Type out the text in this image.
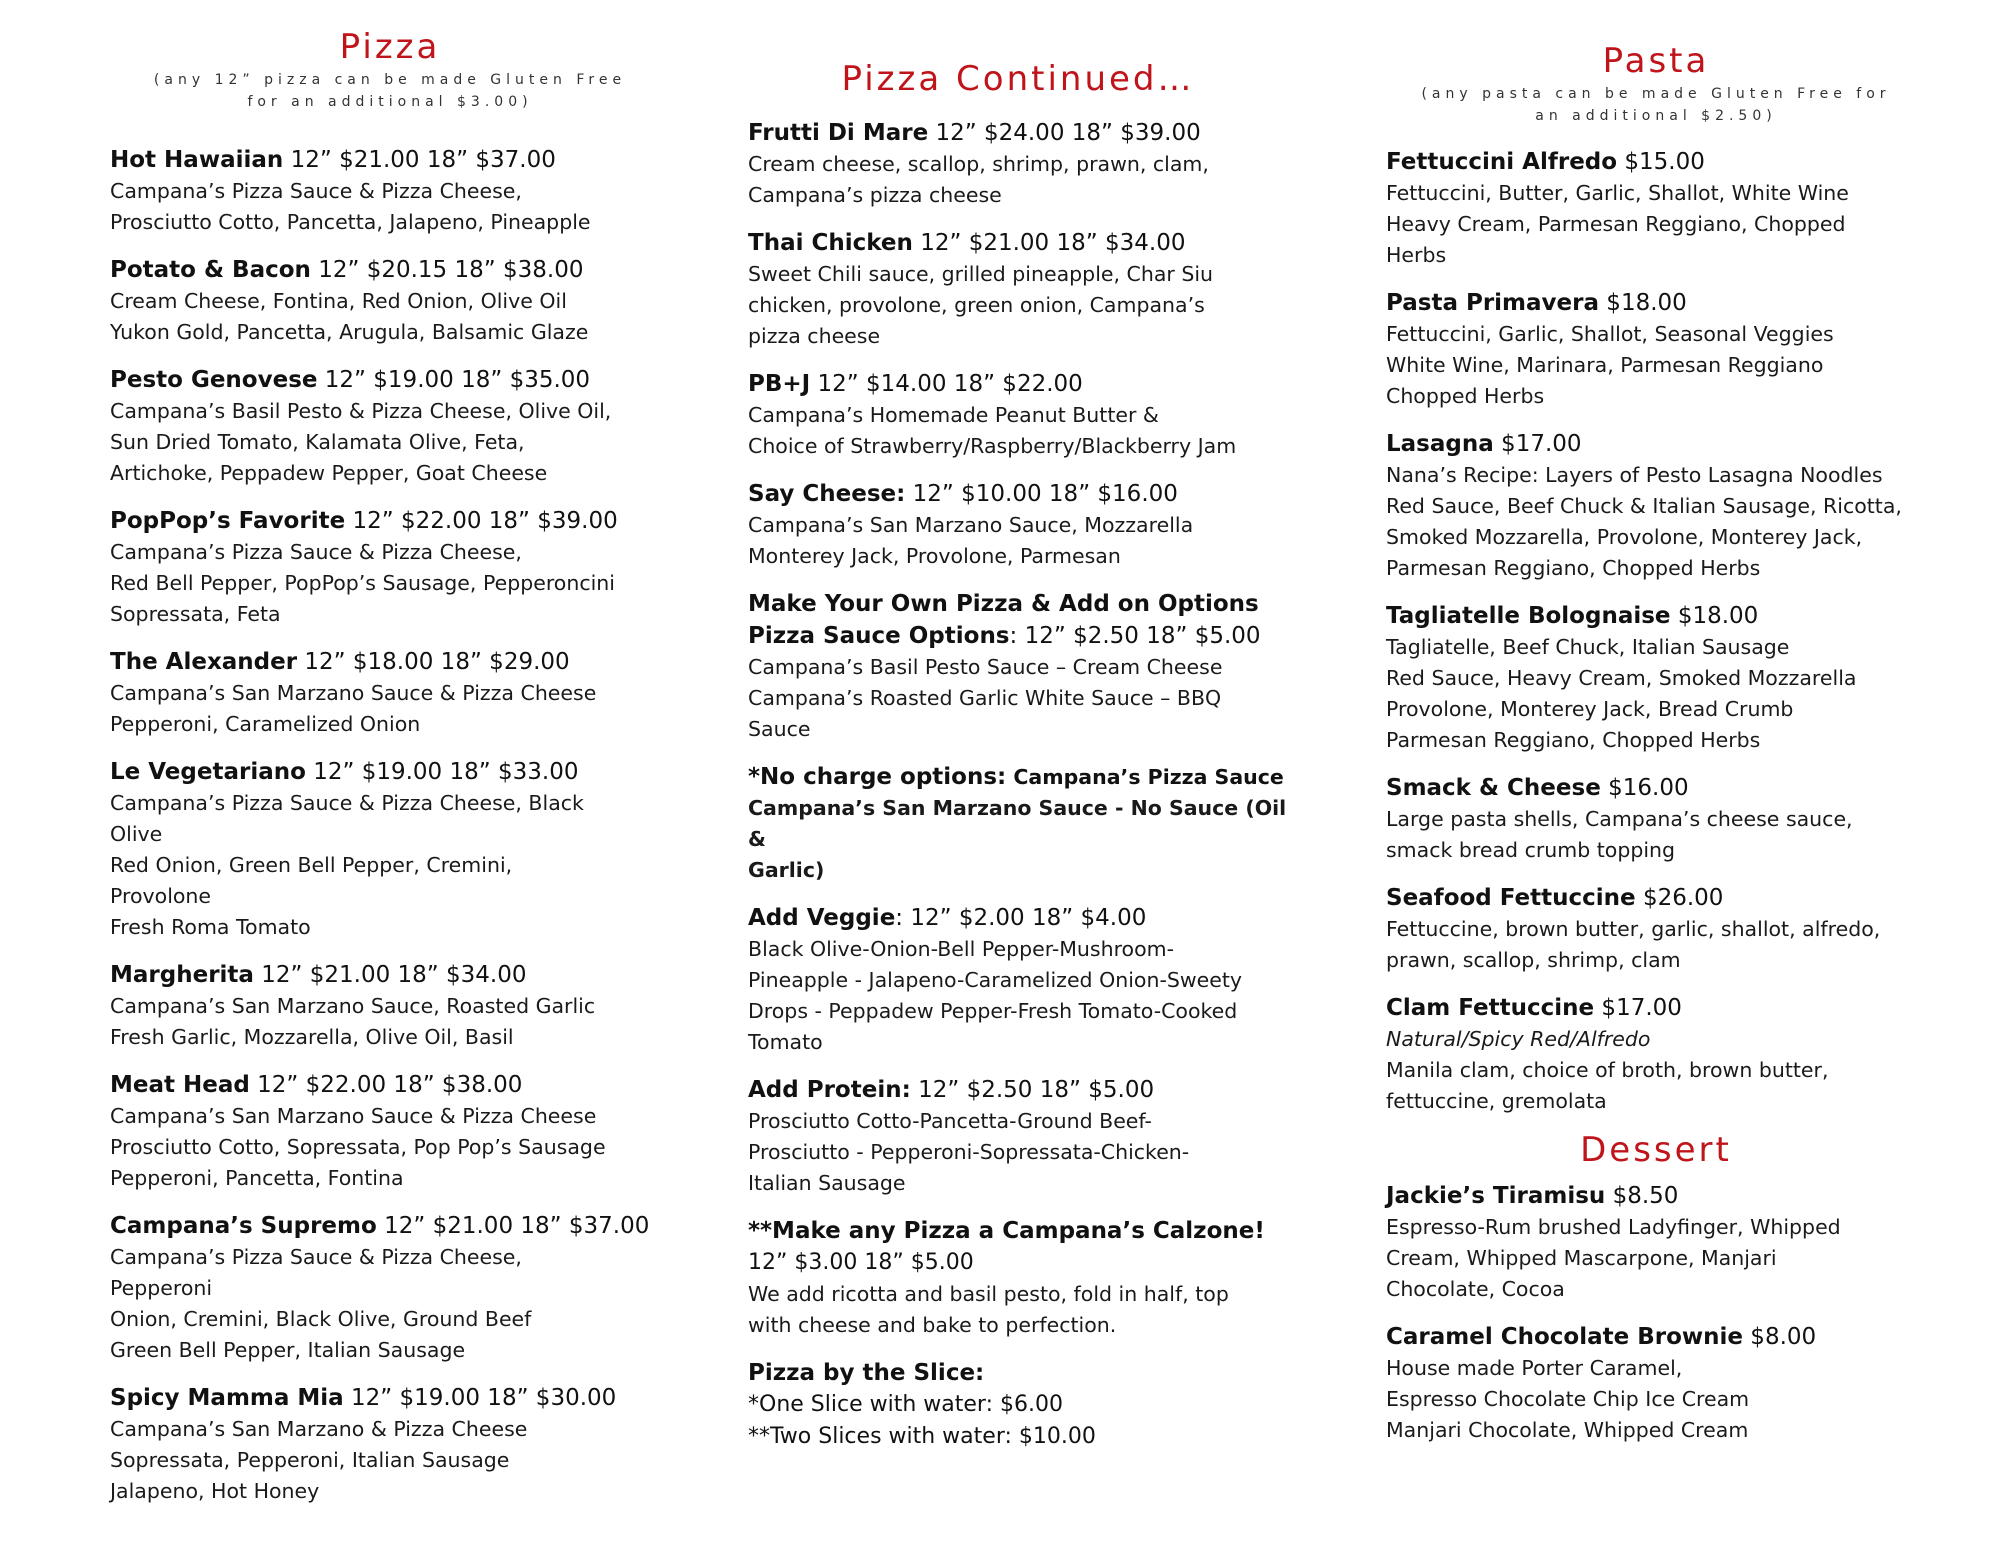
Pizza
(any 12” pizza can be made Gluten Free
for an additional $3.00)
Hot Hawaiian 12” $21.00 18” $37.00
Campana’s Pizza Sauce & Pizza Cheese,
Prosciutto Cotto, Pancetta, Jalapeno, Pineapple
Potato & Bacon 12” $20.15 18” $38.00
Cream Cheese, Fontina, Red Onion, Olive Oil
Yukon Gold, Pancetta, Arugula, Balsamic Glaze
Pesto Genovese 12” $19.00 18” $35.00
Campana’s Basil Pesto & Pizza Cheese, Olive Oil,
Sun Dried Tomato, Kalamata Olive, Feta,
Artichoke, Peppadew Pepper, Goat Cheese
PopPop’s Favorite 12” $22.00 18” $39.00
Campana’s Pizza Sauce & Pizza Cheese,
Red Bell Pepper, PopPop’s Sausage, Pepperoncini
Sopressata, Feta
The Alexander 12” $18.00 18” $29.00
Campana’s San Marzano Sauce & Pizza Cheese
Pepperoni, Caramelized Onion
Le Vegetariano 12” $19.00 18” $33.00
Campana’s Pizza Sauce & Pizza Cheese, Black
Olive
Red Onion, Green Bell Pepper, Cremini,
Provolone
Fresh Roma Tomato
Margherita 12” $21.00 18” $34.00
Campana’s San Marzano Sauce, Roasted Garlic
Fresh Garlic, Mozzarella, Olive Oil, Basil
Meat Head 12” $22.00 18” $38.00
Campana’s San Marzano Sauce & Pizza Cheese
Prosciutto Cotto, Sopressata, Pop Pop’s Sausage
Pepperoni, Pancetta, Fontina
Campana’s Supremo 12” $21.00 18” $37.00
Campana’s Pizza Sauce & Pizza Cheese,
Pepperoni
Onion, Cremini, Black Olive, Ground Beef
Green Bell Pepper, Italian Sausage
Spicy Mamma Mia 12” $19.00 18” $30.00
Campana’s San Marzano & Pizza Cheese
Sopressata, Pepperoni, Italian Sausage
Jalapeno, Hot Honey
Pizza Continued…
Frutti Di Mare 12” $24.00 18” $39.00
Cream cheese, scallop, shrimp, prawn, clam,
Campana’s pizza cheese
Thai Chicken 12” $21.00 18” $34.00
Sweet Chili sauce, grilled pineapple, Char Siu
chicken, provolone, green onion, Campana’s
pizza cheese
PB+J 12” $14.00 18” $22.00
Campana’s Homemade Peanut Butter &
Choice of Strawberry/Raspberry/Blackberry Jam
Say Cheese: 12” $10.00 18” $16.00
Campana’s San Marzano Sauce, Mozzarella
Monterey Jack, Provolone, Parmesan
Make Your Own Pizza & Add on Options
Pizza Sauce Options: 12” $2.50 18” $5.00
Campana’s Basil Pesto Sauce – Cream Cheese
Campana’s Roasted Garlic White Sauce – BBQ
Sauce
*No charge options: Campana’s Pizza Sauce
Campana’s San Marzano Sauce - No Sauce (Oil &
Garlic)
Add Veggie: 12” $2.00 18” $4.00
Black Olive-Onion-Bell Pepper-Mushroom-
Pineapple - Jalapeno-Caramelized Onion-Sweety
Drops - Peppadew Pepper-Fresh Tomato-Cooked
Tomato
Add Protein: 12” $2.50 18” $5.00
Prosciutto Cotto-Pancetta-Ground Beef-
Prosciutto - Pepperoni-Sopressata-Chicken-
Italian Sausage
**Make any Pizza a Campana’s Calzone!
12” $3.00 18” $5.00
We add ricotta and basil pesto, fold in half, top
with cheese and bake to perfection.
Pizza by the Slice:
*One Slice with water: $6.00
**Two Slices with water: $10.00
Pasta
(any pasta can be made Gluten Free for
an additional $2.50)
Fettuccini Alfredo $15.00
Fettuccini, Butter, Garlic, Shallot, White Wine
Heavy Cream, Parmesan Reggiano, Chopped
Herbs
Pasta Primavera $18.00
Fettuccini, Garlic, Shallot, Seasonal Veggies
White Wine, Marinara, Parmesan Reggiano
Chopped Herbs
Lasagna $17.00
Nana’s Recipe: Layers of Pesto Lasagna Noodles
Red Sauce, Beef Chuck & Italian Sausage, Ricotta,
Smoked Mozzarella, Provolone, Monterey Jack,
Parmesan Reggiano, Chopped Herbs
Tagliatelle Bolognaise $18.00
Tagliatelle, Beef Chuck, Italian Sausage
Red Sauce, Heavy Cream, Smoked Mozzarella
Provolone, Monterey Jack, Bread Crumb
Parmesan Reggiano, Chopped Herbs
Smack & Cheese $16.00
Large pasta shells, Campana’s cheese sauce,
smack bread crumb topping
Seafood Fettuccine $26.00
Fettuccine, brown butter, garlic, shallot, alfredo,
prawn, scallop, shrimp, clam
Clam Fettuccine $17.00
Natural/Spicy Red/Alfredo
Manila clam, choice of broth, brown butter,
fettuccine, gremolata
Dessert
Jackie’s Tiramisu $8.50
Espresso-Rum brushed Ladyfinger, Whipped
Cream, Whipped Mascarpone, Manjari
Chocolate, Cocoa
Caramel Chocolate Brownie $8.00
House made Porter Caramel,
Espresso Chocolate Chip Ice Cream
Manjari Chocolate, Whipped Cream
